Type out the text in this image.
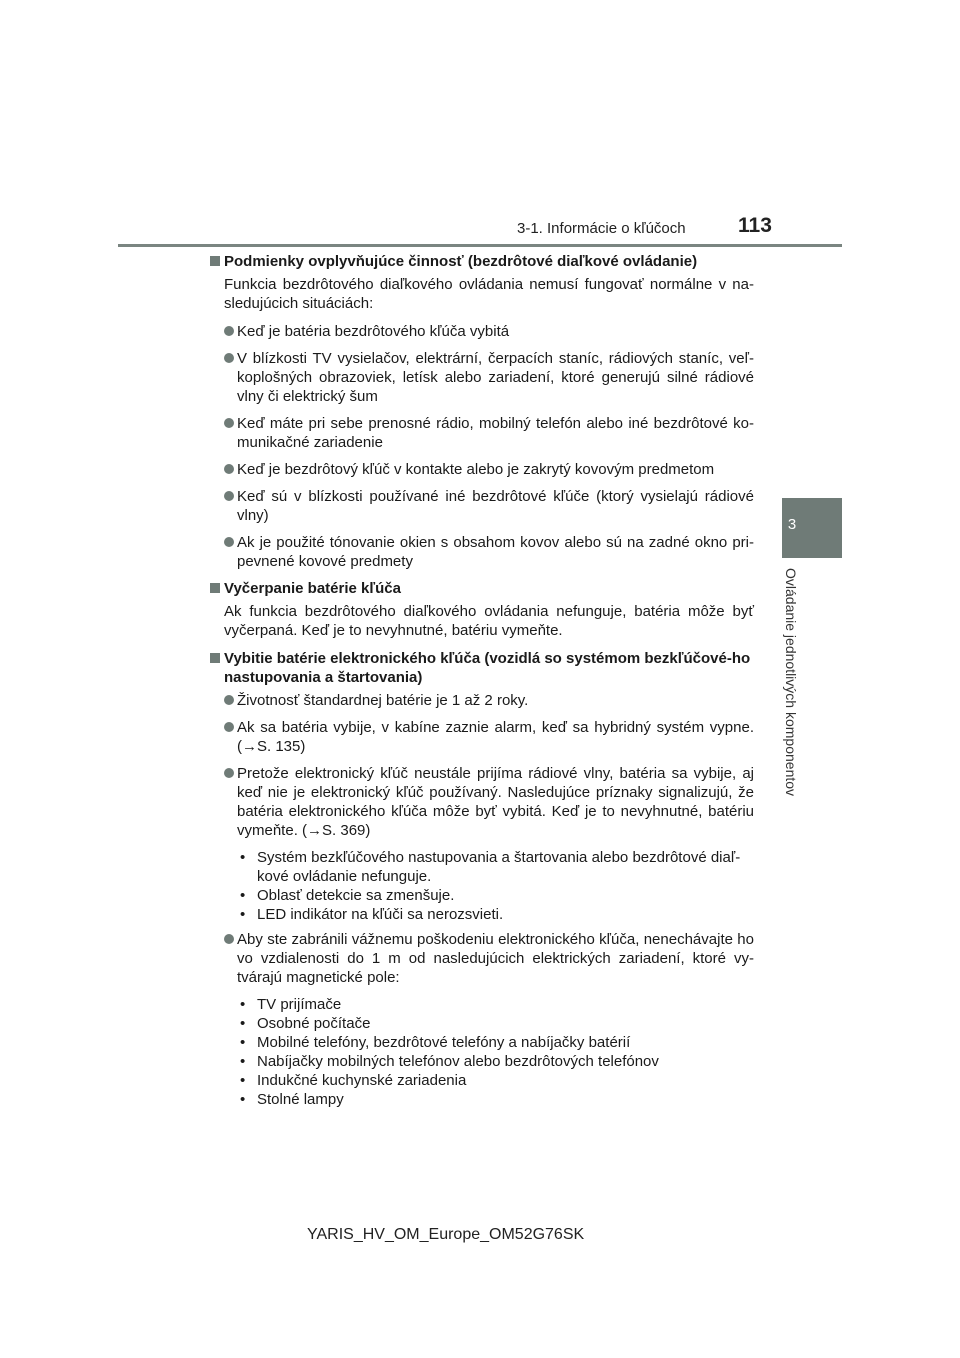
3-1. Informácie o kľúčoch 113
3
Ovládanie jednotlivých komponentov

Podmienky ovplyvňujúce činnosť (bezdrôtové diaľkové ovládanie)

Funkcia bezdrôtového diaľkového ovládania nemusí fungovať normálne v na-sledujúcich situáciách:

Keď je batéria bezdrôtového kľúča vybitá

V blízkosti TV vysielačov, elektrární, čerpacích staníc, rádiových staníc, veľ-koplošných obrazoviek, letísk alebo zariadení, ktoré generujú silné rádiové vlny či elektrický šum

Keď máte pri sebe prenosné rádio, mobilný telefón alebo iné bezdrôtové ko-munikačné zariadenie

Keď je bezdrôtový kľúč v kontakte alebo je zakrytý kovovým predmetom

Keď sú v blízkosti používané iné bezdrôtové kľúče (ktorý vysielajú rádiové vlny)

Ak je použité tónovanie okien s obsahom kovov alebo sú na zadné okno pri-pevnené kovové predmety

Vyčerpanie batérie kľúča

Ak funkcia bezdrôtového diaľkového ovládania nefunguje, batéria môže byť vyčerpaná. Keď je to nevyhnutné, batériu vymeňte.

Vybitie batérie elektronického kľúča (vozidlá so systémom bezkľúčové-ho nastupovania a štartovania)

Životnosť štandardnej batérie je 1 až 2 roky.

Ak sa batéria vybije, v kabíne zaznie alarm, keď sa hybridný systém vypne. (→S. 135)

Pretože elektronický kľúč neustále prijíma rádiové vlny, batéria sa vybije, aj keď nie je elektronický kľúč používaný. Nasledujúce príznaky signalizujú, že batéria elektronického kľúča môže byť vybitá. Keď je to nevyhnutné, batériu vymeňte. (→S. 369)

• Systém bezkľúčového nastupovania a štartovania alebo bezdrôtové diaľ-kové ovládanie nefunguje.

• Oblasť detekcie sa zmenšuje.

• LED indikátor na kľúči sa nerozsvieti.

Aby ste zabránili vážnemu poškodeniu elektronického kľúča, nenechávajte ho vo vzdialenosti do 1 m od nasledujúcich elektrických zariadení, ktoré vy-tvárajú magnetické pole:

• TV prijímače

• Osobné počítače

• Mobilné telefóny, bezdrôtové telefóny a nabíjačky batérií

• Nabíjačky mobilných telefónov alebo bezdrôtových telefónov

• Indukčné kuchynské zariadenia

• Stolné lampy

YARIS_HV_OM_Europe_OM52G76SK
